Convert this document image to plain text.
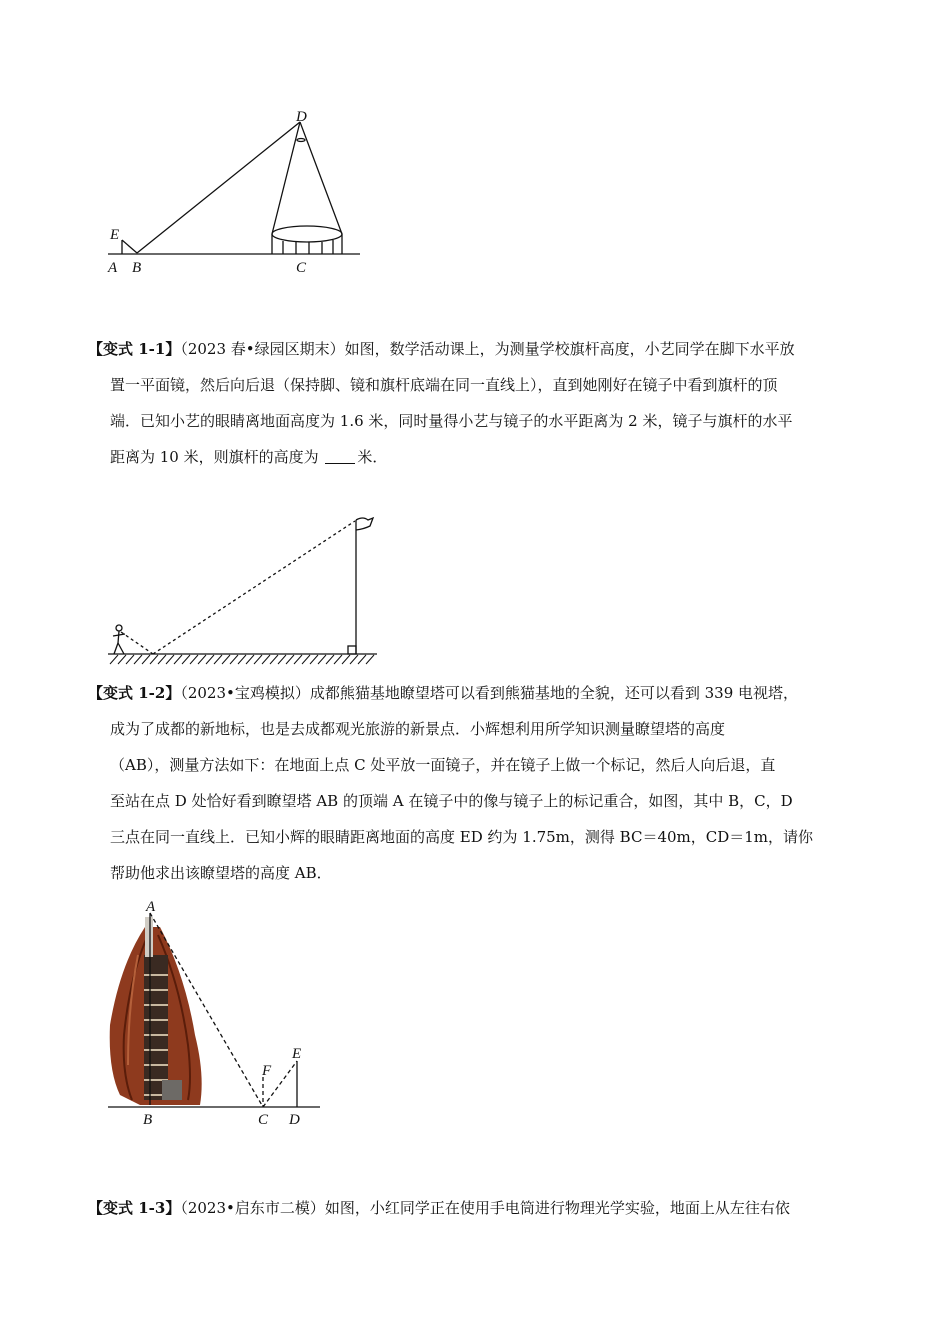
D
E
A B	C
【变式 1-1】（2023 春•绿园区期末）如图，数学活动课上，为测量学校旗杆高度，小艺同学在脚下水平放
置一平面镜，然后向后退（保持脚、镜和旗杆底端在同一直线上），直到她刚好在镜子中看到旗杆的顶
端．已知小艺的眼睛离地面高度为 1.6 米，同时量得小艺与镜子的水平距离为 2 米，镜子与旗杆的水平
距离为 10 米，则旗杆的高度为	米．
【变式 1-2】（2023•宝鸡模拟）成都熊猫基地瞭望塔可以看到熊猫基地的全貌，还可以看到 339 电视塔，
成为了成都的新地标，也是去成都观光旅游的新景点．小辉想利用所学知识测量瞭望塔的高度
（AB），测量方法如下：在地面上点 C 处平放一面镜子，并在镜子上做一个标记，然后人向后退，直
至站在点 D 处恰好看到瞭望塔 AB 的顶端 A 在镜子中的像与镜子上的标记重合，如图，其中 B，C，D
三点在同一直线上．已知小辉的眼睛距离地面的高度 ED 约为 1.75m，测得 BC＝40m，CD＝1m，请你
帮助他求出该瞭望塔的高度 AB．
A
B	C D
E
F
【变式 1-3】（2023•启东市二模）如图，小红同学正在使用手电筒进行物理光学实验，地面上从左往右依
